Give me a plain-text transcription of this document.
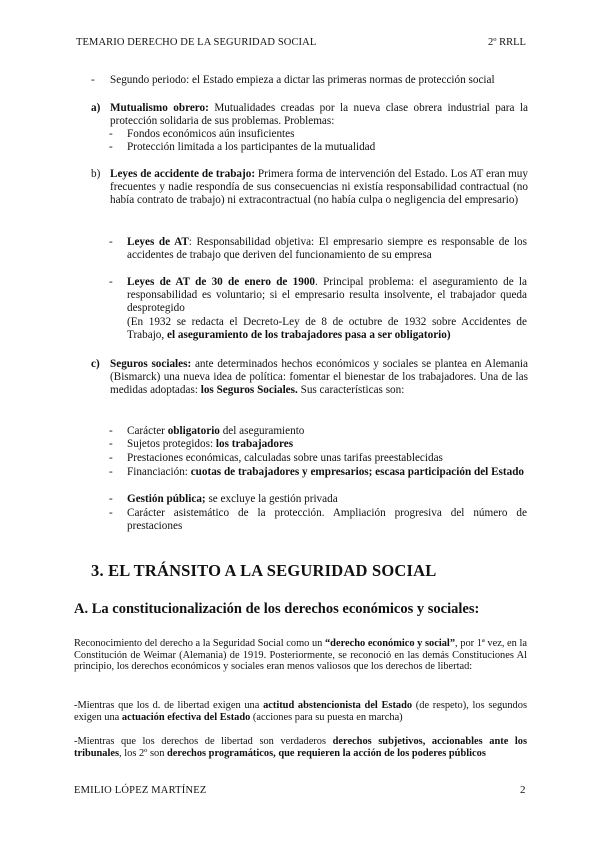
TEMARIO DERECHO DE LA SEGURIDAD SOCIAL	2º RRLL
- Segundo periodo: el Estado empieza a dictar las primeras normas de protección social
a) Mutualismo obrero: Mutualidades creadas por la nueva clase obrera industrial para la protección solidaria de sus problemas. Problemas:
- Fondos económicos aún insuficientes
- Protección limitada a los participantes de la mutualidad
b) Leyes de accidente de trabajo: Primera forma de intervención del Estado. Los AT eran muy frecuentes y nadie respondía de sus consecuencias ni existía responsabilidad contractual (no había contrato de trabajo) ni extracontractual (no había culpa o negligencia del empresario)
- Leyes de AT: Responsabilidad objetiva: El empresario siempre es responsable de los accidentes de trabajo que deriven del funcionamiento de su empresa
- Leyes de AT de 30 de enero de 1900. Principal problema: el aseguramiento de la responsabilidad es voluntario; si el empresario resulta insolvente, el trabajador queda desprotegido
(En 1932 se redacta el Decreto-Ley de 8 de octubre de 1932 sobre Accidentes de Trabajo, el aseguramiento de los trabajadores pasa a ser obligatorio)
c) Seguros sociales: ante determinados hechos económicos y sociales se plantea en Alemania (Bismarck) una nueva idea de política: fomentar el bienestar de los trabajadores. Una de las medidas adoptadas: los Seguros Sociales. Sus características son:
- Carácter obligatorio del aseguramiento
- Sujetos protegidos: los trabajadores
- Prestaciones económicas, calculadas sobre unas tarifas preestablecidas
- Financiación: cuotas de trabajadores y empresarios; escasa participación del Estado
- Gestión pública; se excluye la gestión privada
- Carácter asistemático de la protección. Ampliación progresiva del número de prestaciones
3. EL TRÁNSITO A LA SEGURIDAD SOCIAL
A. La constitucionalización de los derechos económicos y sociales:
Reconocimiento del derecho a la Seguridad Social como un “derecho económico y social”, por 1ª vez, en la Constitución de Weimar (Alemania) de 1919. Posteriormente, se reconoció en las demás Constituciones Al principio, los derechos económicos y sociales eran menos valiosos que los derechos de libertad:
-Mientras que los d. de libertad exigen una actitud abstencionista del Estado (de respeto), los segundos exigen una actuación efectiva del Estado (acciones para su puesta en marcha)
-Mientras que los derechos de libertad son verdaderos derechos subjetivos, accionables ante los tribunales, los 2º son derechos programáticos, que requieren la acción de los poderes públicos
EMILIO LÓPEZ MARTÍNEZ	2
